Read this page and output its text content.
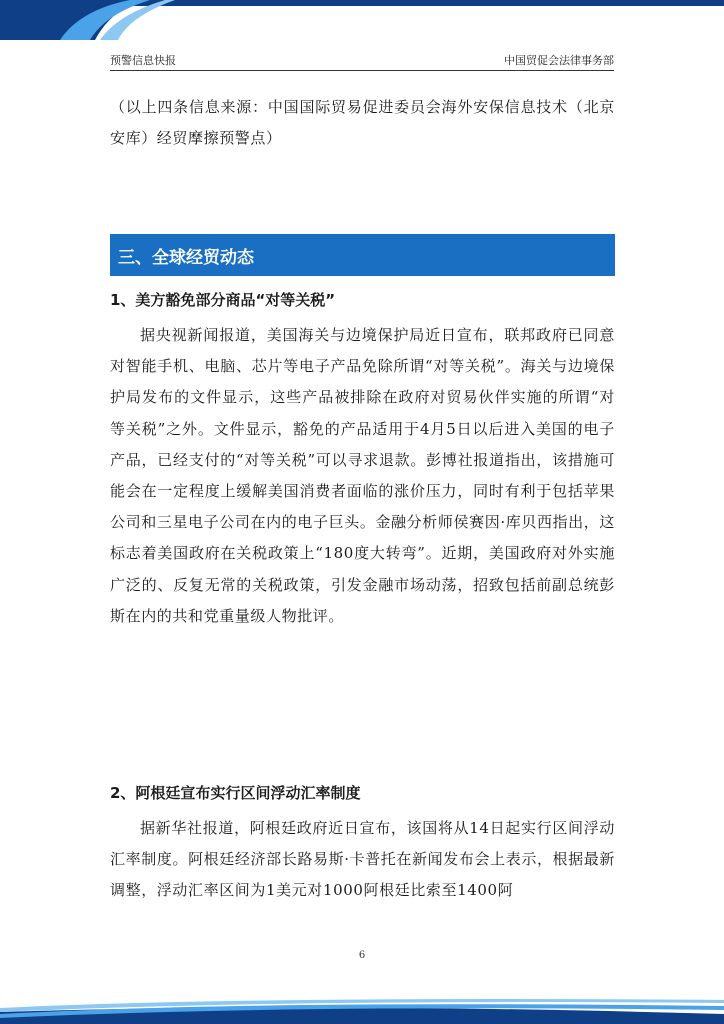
预警信息快报	中国贸促会法律事务部

（以上四条信息来源：中国国际贸易促进委员会海外安保信息技术（北京安库）经贸摩擦预警点）

三、全球经贸动态

1、美方豁免部分商品“对等关税”

据央视新闻报道，美国海关与边境保护局近日宣布，联邦政府已同意对智能手机、电脑、芯片等电子产品免除所谓“对等关税”。海关与边境保护局发布的文件显示，这些产品被排除在政府对贸易伙伴实施的所谓“对等关税”之外。文件显示，豁免的产品适用于4月5日以后进入美国的电子产品，已经支付的“对等关税”可以寻求退款。彭博社报道指出，该措施可能会在一定程度上缓解美国消费者面临的涨价压力，同时有利于包括苹果公司和三星电子公司在内的电子巨头。金融分析师侯赛因·库贝西指出，这标志着美国政府在关税政策上“180度大转弯”。近期，美国政府对外实施广泛的、反复无常的关税政策，引发金融市场动荡，招致包括前副总统彭斯在内的共和党重量级人物批评。

2、阿根廷宣布实行区间浮动汇率制度

据新华社报道，阿根廷政府近日宣布，该国将从14日起实行区间浮动汇率制度。阿根廷经济部长路易斯·卡普托在新闻发布会上表示，根据最新调整，浮动汇率区间为1美元对1000阿根廷比索至1400阿

6
